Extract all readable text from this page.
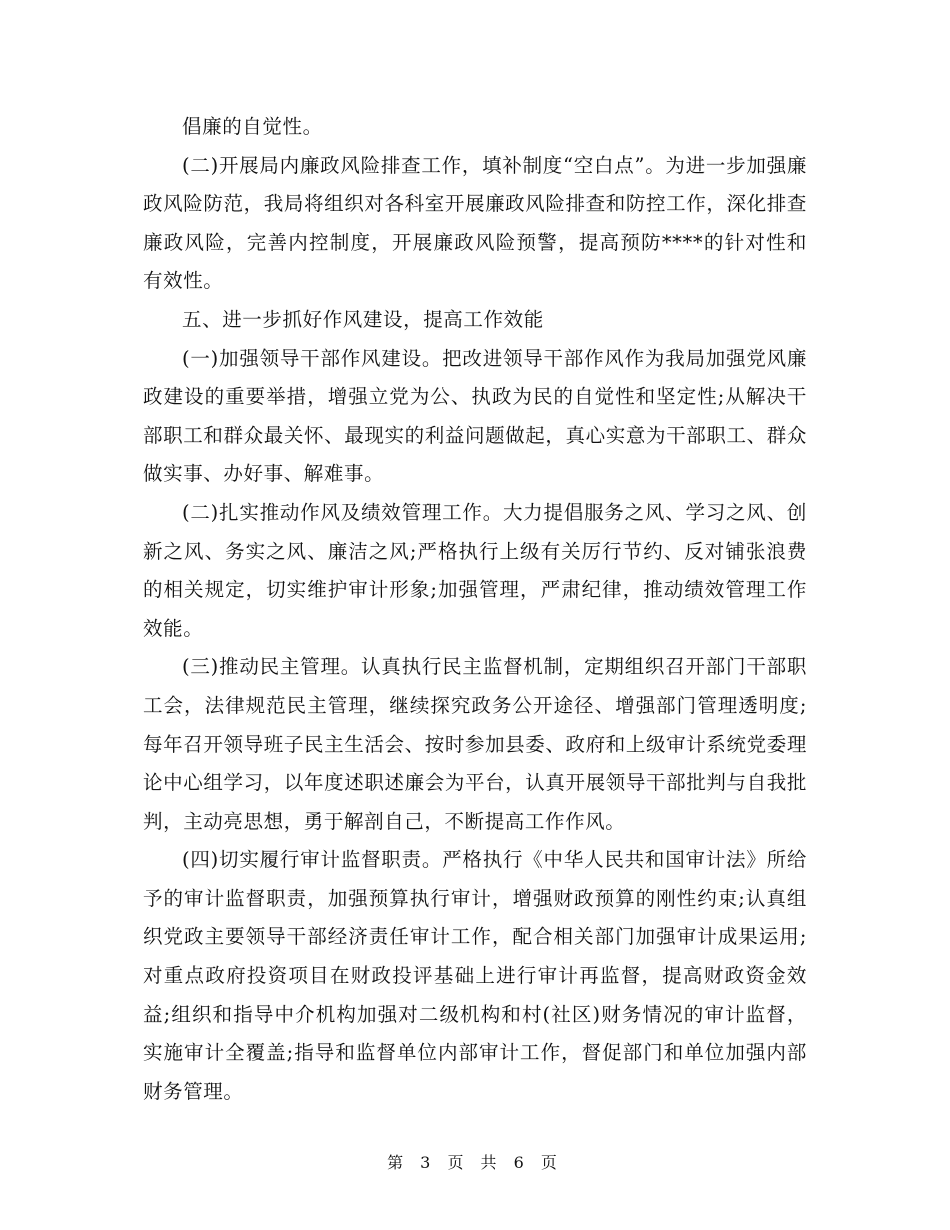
倡廉的自觉性。

(二)开展局内廉政风险排查工作，填补制度“空白点”。为进一步加强廉政风险防范，我局将组织对各科室开展廉政风险排查和防控工作，深化排查廉政风险，完善内控制度，开展廉政风险预警，提高预防****的针对性和有效性。

五、进一步抓好作风建设，提高工作效能

(一)加强领导干部作风建设。把改进领导干部作风作为我局加强党风廉政建设的重要举措，增强立党为公、执政为民的自觉性和坚定性;从解决干部职工和群众最关怀、最现实的利益问题做起，真心实意为干部职工、群众做实事、办好事、解难事。

(二)扎实推动作风及绩效管理工作。大力提倡服务之风、学习之风、创新之风、务实之风、廉洁之风;严格执行上级有关厉行节约、反对铺张浪费的相关规定，切实维护审计形象;加强管理，严肃纪律，推动绩效管理工作效能。

(三)推动民主管理。认真执行民主监督机制，定期组织召开部门干部职工会，法律规范民主管理，继续探究政务公开途径、增强部门管理透明度;每年召开领导班子民主生活会、按时参加县委、政府和上级审计系统党委理论中心组学习，以年度述职述廉会为平台，认真开展领导干部批判与自我批判，主动亮思想，勇于解剖自己，不断提高工作作风。

(四)切实履行审计监督职责。严格执行《中华人民共和国审计法》所给予的审计监督职责，加强预算执行审计，增强财政预算的刚性约束;认真组织党政主要领导干部经济责任审计工作，配合相关部门加强审计成果运用;对重点政府投资项目在财政投评基础上进行审计再监督，提高财政资金效益;组织和指导中介机构加强对二级机构和村(社区)财务情况的审计监督，实施审计全覆盖;指导和监督单位内部审计工作，督促部门和单位加强内部财务管理。

第 3 页 共 6 页
